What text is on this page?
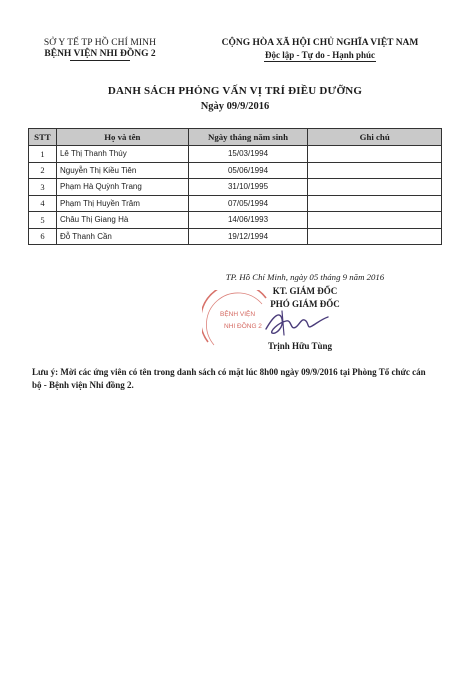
SỞ Y TẾ TP HỒ CHÍ MINH
BỆNH VIỆN NHI ĐỒNG 2
CỘNG HÒA XÃ HỘI CHỦ NGHĨA VIỆT NAM
Độc lập - Tự do - Hạnh phúc
DANH SÁCH PHỎNG VẤN VỊ TRÍ ĐIỀU DƯỠNG
Ngày 09/9/2016
STT	Họ và tên	Ngày tháng năm sinh	Ghi chú
1	Lê Thị Thanh Thúy	15/03/1994	
2	Nguyễn Thị Kiều Tiên	05/06/1994	
3	Phạm Hà Quỳnh Trang	31/10/1995	
4	Phạm Thị Huyền Trâm	07/05/1994	
5	Châu Thị Giang Hà	14/06/1993	
6	Đỗ Thanh Cần	19/12/1994	
TP. Hồ Chí Minh, ngày 05 tháng 9 năm 2016
KT. GIÁM ĐỐC
PHÓ GIÁM ĐỐC
BỆNH VIỆN
NHI ĐỒNG 2
Trịnh Hữu Tùng
Lưu ý: Mời các ứng viên có tên trong danh sách có mặt lúc 8h00 ngày 09/9/2016 tại Phòng Tổ chức cán bộ - Bệnh viện Nhi đồng 2.
